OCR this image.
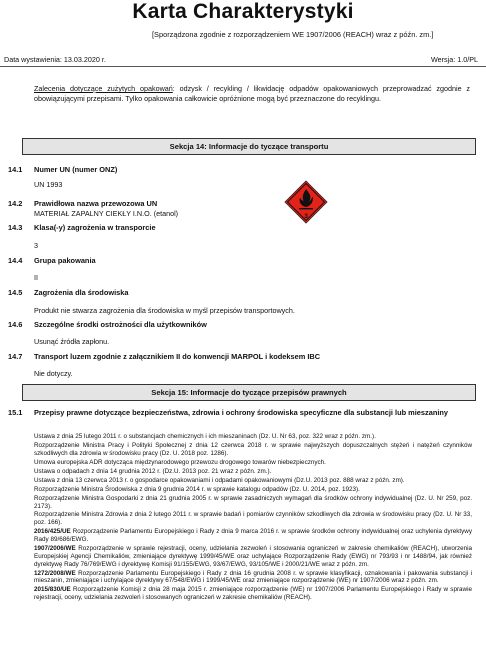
Karta Charakterystyki
[Sporządzona zgodnie z rozporządzeniem WE 1907/2006 (REACH) wraz z późn. zm.]
Data wystawienia: 13.03.2020 r.	Wersja: 1.0/PL
Zalecenia dotyczące zużytych opakowań: odzysk / recykling / likwidację odpadów opakowaniowych przeprowadzać zgodnie z obowiązującymi przepisami. Tylko opakowania całkowicie opróżnione mogą być przeznaczone do recyklingu.
Sekcja 14: Informacje do tyczące transportu
14.1 Numer UN (numer ONZ)
UN 1993
14.2 Prawidłowa nazwa przewozowa UN
MATERIAŁ ZAPALNY CIEKŁY I.N.O. (etanol)
14.3 Klasa(-y) zagrożenia w transporcie
3
14.4 Grupa pakowania
II
14.5 Zagrożenia dla środowiska
Produkt nie stwarza zagrożenia dla środowiska w myśl przepisów transportowych.
14.6 Szczególne środki ostrożności dla użytkowników
Usunąć źródła zapłonu.
14.7 Transport luzem zgodnie z załącznikiem II do konwencji MARPOL i kodeksem IBC
Nie dotyczy.
3
Sekcja 15: Informacje do tyczące przepisów prawnych
15.1 Przepisy prawne dotyczące bezpieczeństwa, zdrowia i ochrony środowiska specyficzne dla substancji lub mieszaniny

Ustawa z dnia 25 lutego 2011 r. o substancjach chemicznych i ich mieszaninach (Dz. U. Nr 63, poz. 322 wraz z późn. zm.).

Rozporządzenie Ministra Pracy i Polityki Społecznej z dnia 12 czerwca 2018 r. w sprawie najwyższych dopuszczalnych stężeń i natężeń czynników szkodliwych dla zdrowia w środowisku pracy (Dz. U. 2018 poz. 1286).

Umowa europejska ADR dotycząca międzynarodowego przewozu drogowego towarów niebezpiecznych.

Ustawa o odpadach z dnia 14 grudnia 2012 r. (Dz.U. 2013 poz. 21 wraz z późn. zm.).

Ustawa z dnia 13 czerwca 2013 r. o gospodarce opakowaniami i odpadami opakowaniowymi (Dz.U. 2013 poz. 888 wraz z późn. zm).

Rozporządzenie Ministra Środowiska z dnia 9 grudnia 2014 r. w sprawie katalogu odpadów (Dz. U. 2014, poz. 1923).

Rozporządzenie Ministra Gospodarki z dnia 21 grudnia 2005 r. w sprawie zasadniczych wymagań dla środków ochrony indywidualnej (Dz. U. Nr 259, poz. 2173).

Rozporządzenie Ministra Zdrowia z dnia 2 lutego 2011 r. w sprawie badań i pomiarów czynników szkodliwych dla zdrowia w środowisku pracy (Dz. U. Nr 33, poz. 166).

2016/425/UE Rozporządzenie Parlamentu Europejskiego i Rady z dnia 9 marca 2016 r. w sprawie środków ochrony indywidualnej oraz uchylenia dyrektywy Rady 89/686/EWG.

1907/2006/WE Rozporządzenie w sprawie rejestracji, oceny, udzielania zezwoleń i stosowania ograniczeń w zakresie chemikaliów (REACH), utworzenia Europejskiej Agencji Chemikaliów, zmieniające dyrektywę 1999/45/WE oraz uchylające Rozporządzenie Rady (EWG) nr 793/93 i nr 1488/94, jak również dyrektywę Rady 76/769/EWG i dyrektywę Komisji 91/155/EWG, 93/67/EWG, 93/105/WE i 2000/21/WE wraz z późn. zm.

1272/2008/WE Rozporządzenie Parlamentu Europejskiego i Rady z dnia 16 grudnia 2008 r. w sprawie klasyfikacji, oznakowania i pakowania substancji i mieszanin, zmieniające i uchylające dyrektywy 67/548/EWG i 1999/45/WE oraz zmieniające rozporządzenie (WE) nr 1907/2006 wraz z późn. zm.

2015/830/UE Rozporządzenie Komisji z dnia 28 maja 2015 r. zmieniające rozporządzenie (WE) nr 1907/2006 Parlamentu Europejskiego i Rady w sprawie rejestracji, oceny, udzielania zezwoleń i stosowanych ograniczeń w zakresie chemikaliów (REACH).
